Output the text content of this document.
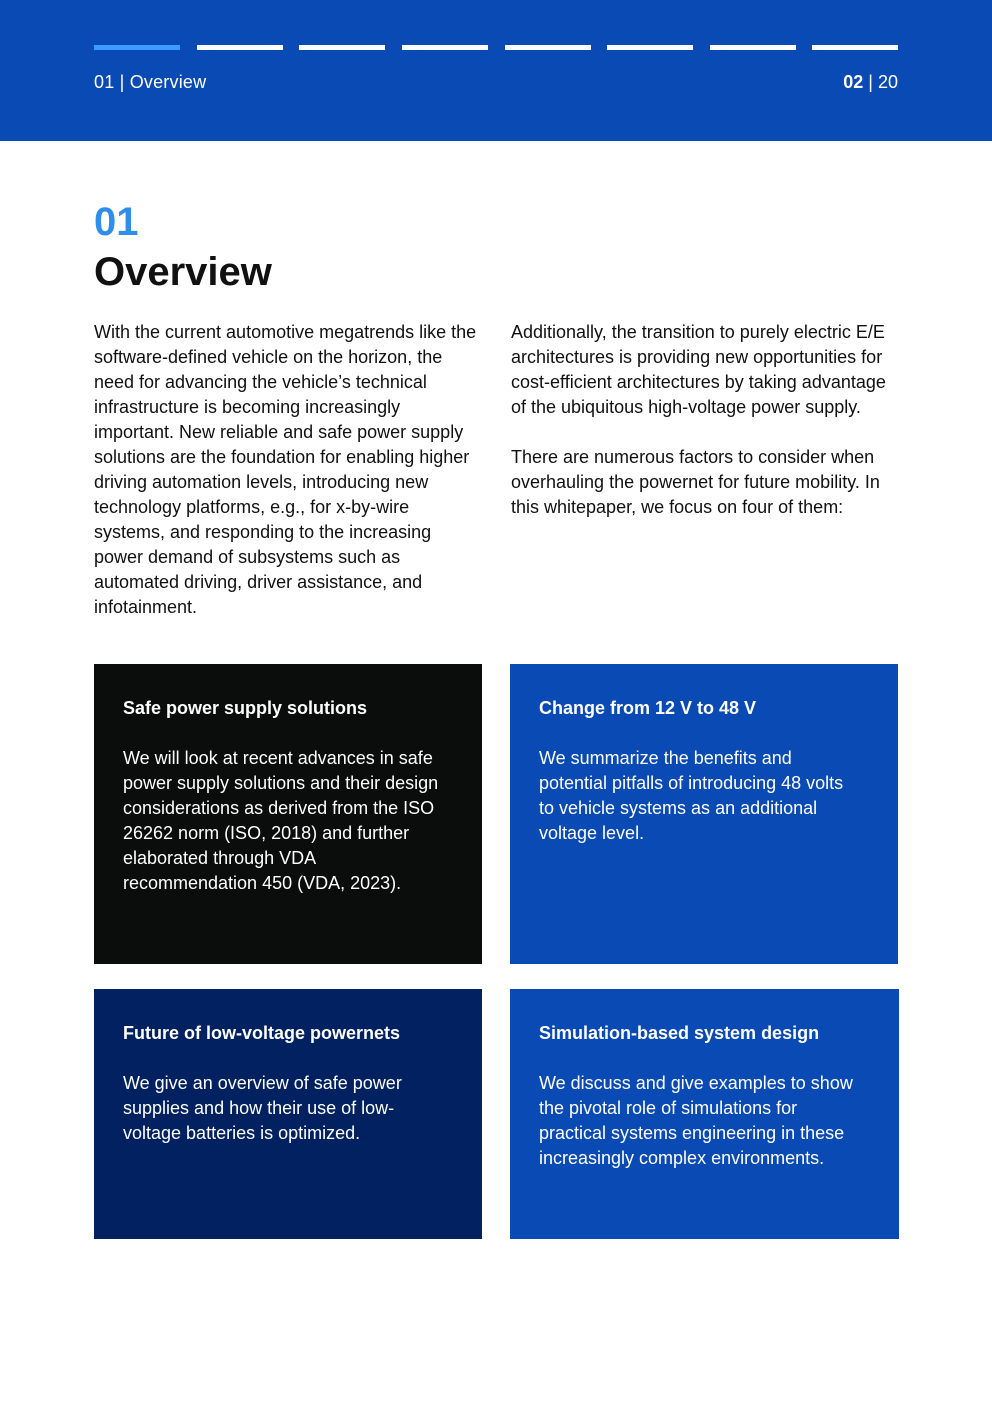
01 | Overview	02 | 20
01
Overview

With the current automotive megatrends like the software-defined vehicle on the horizon, the need for advancing the vehicle’s technical infrastructure is becoming increasingly important. New reliable and safe power supply solutions are the foundation for enabling higher driving automation levels, introducing new technology platforms, e.g., for x-by-wire systems, and responding to the increasing power demand of subsystems such as automated driving, driver assistance, and infotainment.

Additionally, the transition to purely electric E/E architectures is providing new opportunities for cost-efficient architectures by taking advantage of the ubiquitous high-voltage power supply.

There are numerous factors to consider when overhauling the powernet for future mobility. In this whitepaper, we focus on four of them:

Safe power supply solutions

We will look at recent advances in safe power supply solutions and their design considerations as derived from the ISO 26262 norm (ISO, 2018) and further elaborated through VDA recommendation 450 (VDA, 2023).

Change from 12 V to 48 V

We summarize the benefits and potential pitfalls of introducing 48 volts to vehicle systems as an additional voltage level.

Future of low-voltage powernets

We give an overview of safe power supplies and how their use of low-voltage batteries is optimized.

Simulation-based system design

We discuss and give examples to show the pivotal role of simulations for practical systems engineering in these increasingly complex environments.
